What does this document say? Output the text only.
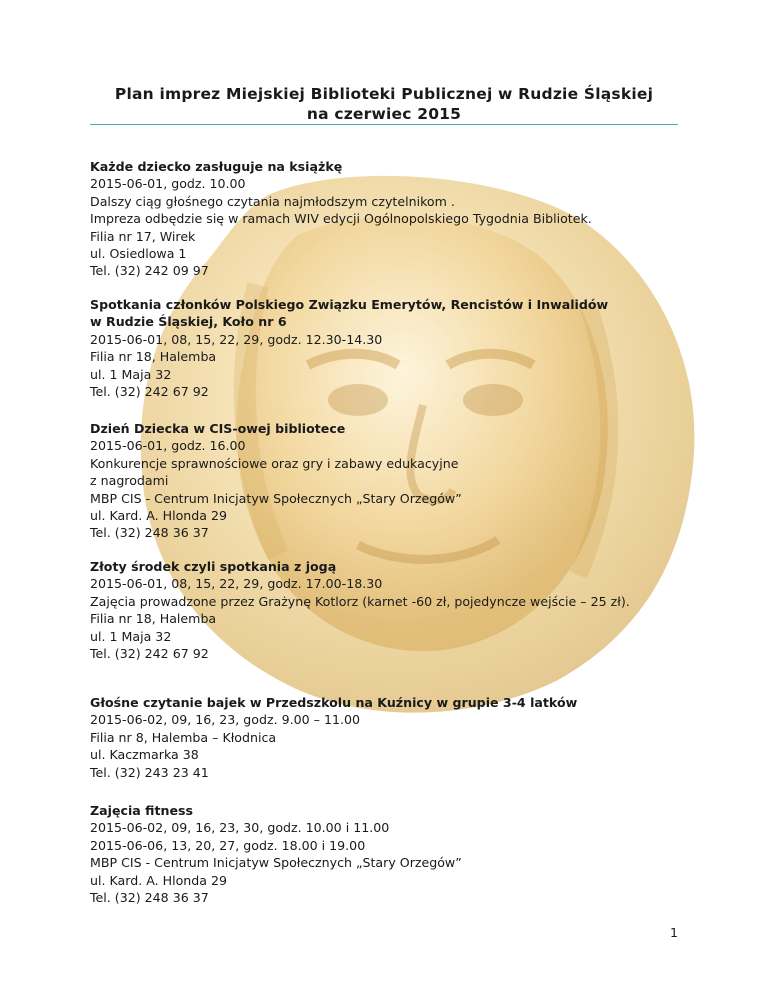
Plan imprez Miejskiej Biblioteki Publicznej w Rudzie Śląskiej
na czerwiec 2015
Każde dziecko zasługuje na książkę
2015-06-01, godz. 10.00
Dalszy ciąg głośnego czytania najmłodszym czytelnikom .
Impreza odbędzie się w ramach WIV edycji Ogólnopolskiego Tygodnia Bibliotek.
Filia nr 17, Wirek
ul. Osiedlowa 1
Tel. (32) 242 09 97
Spotkania członków Polskiego Związku Emerytów, Rencistów i Inwalidów
w Rudzie Śląskiej, Koło nr 6
2015-06-01, 08, 15, 22, 29, godz. 12.30-14.30
Filia nr 18, Halemba
ul. 1 Maja 32
Tel. (32) 242 67 92
Dzień Dziecka w CIS-owej bibliotece
2015-06-01, godz. 16.00
Konkurencje sprawnościowe oraz gry i zabawy edukacyjne
z nagrodami
MBP CIS - Centrum Inicjatyw Społecznych „Stary Orzegów”
ul. Kard. A. Hlonda 29
Tel. (32) 248 36 37
Złoty środek czyli spotkania z jogą
2015-06-01, 08, 15, 22, 29, godz. 17.00-18.30
Zajęcia prowadzone przez Grażynę Kotlorz (karnet -60 zł, pojedyncze wejście – 25 zł).
Filia nr 18, Halemba
ul. 1 Maja 32
Tel. (32) 242 67 92
Głośne czytanie bajek w Przedszkolu na Kuźnicy w grupie 3-4 latków
2015-06-02, 09, 16, 23, godz. 9.00 – 11.00
Filia nr 8, Halemba – Kłodnica
ul. Kaczmarka 38
Tel. (32) 243 23 41
Zajęcia fitness
2015-06-02, 09, 16, 23, 30, godz. 10.00 i 11.00
2015-06-06, 13, 20, 27, godz. 18.00 i 19.00
MBP CIS - Centrum Inicjatyw Społecznych „Stary Orzegów”
ul. Kard. A. Hlonda 29
Tel. (32) 248 36 37
1
